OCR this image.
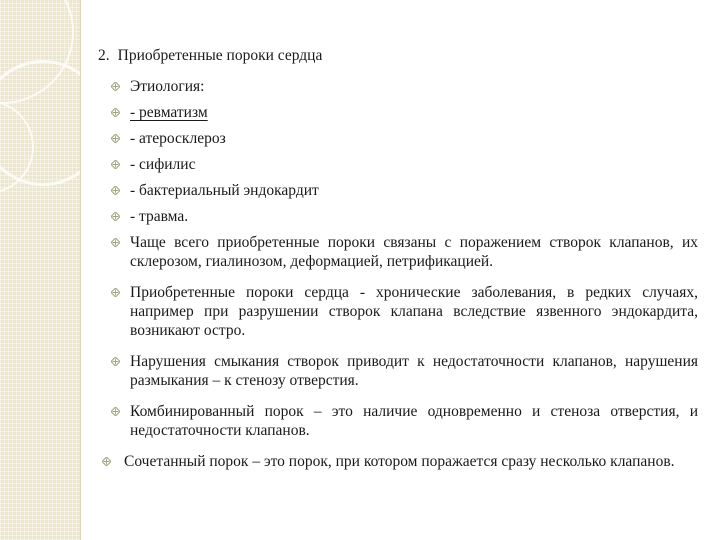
2. Приобретенные пороки сердца
Этиология:
- ревматизм
- атеросклероз
- сифилис
- бактериальный эндокардит
- травма.
Чаще всего приобретенные пороки связаны с поражением створок клапанов, их склерозом, гиалинозом, деформацией, петрификацией.
Приобретенные пороки сердца - хронические заболевания, в редких случаях, например при разрушении створок клапана вследствие язвенного эндокардита, возникают остро.
Нарушения смыкания створок приводит к недостаточности клапанов, нарушения размыкания – к стенозу отверстия.
Комбинированный порок – это наличие одновременно и стеноза отверстия, и недостаточности клапанов.
Сочетанный порок – это порок, при котором поражается сразу несколько клапанов.
